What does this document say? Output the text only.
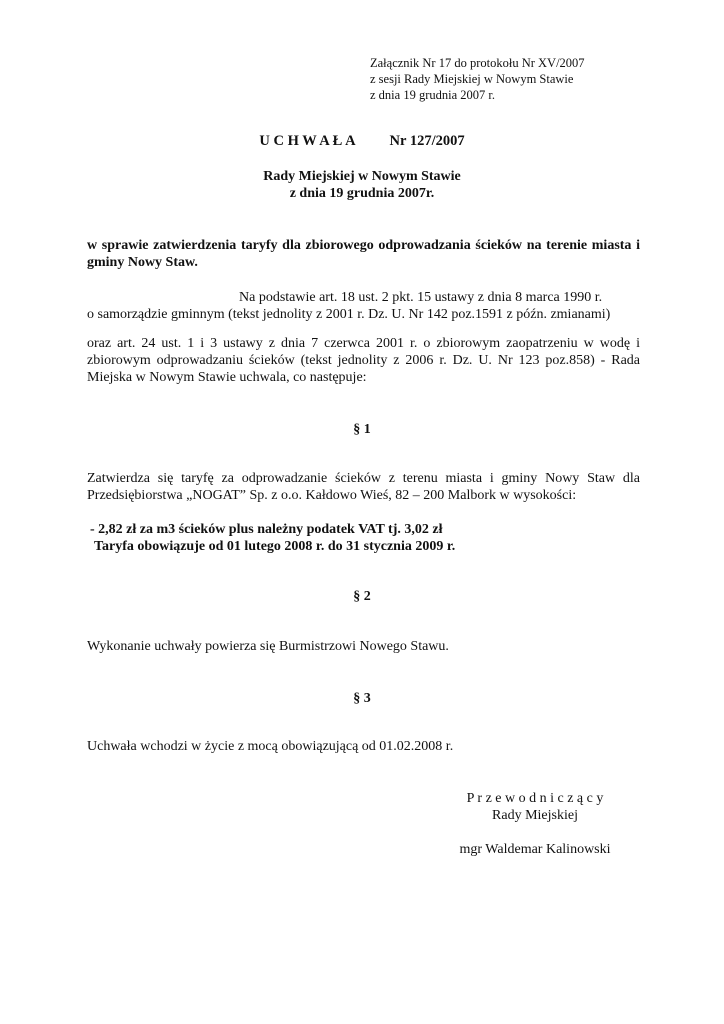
Załącznik Nr 17 do protokołu Nr XV/2007
z sesji Rady Miejskiej w Nowym Stawie
z dnia 19 grudnia 2007 r.
U C H W A Ł A Nr 127/2007
Rady Miejskiej w Nowym Stawie
z dnia 19 grudnia 2007r.
w sprawie zatwierdzenia taryfy dla zbiorowego odprowadzania ścieków na terenie miasta i gminy Nowy Staw.
Na podstawie art. 18 ust. 2 pkt. 15 ustawy z dnia 8 marca 1990 r.
o samorządzie gminnym (tekst jednolity z 2001 r. Dz. U. Nr 142 poz.1591 z późn. zmianami)
oraz art. 24 ust. 1 i 3 ustawy z dnia 7 czerwca 2001 r. o zbiorowym zaopatrzeniu w wodę i zbiorowym odprowadzaniu ścieków (tekst jednolity z 2006 r. Dz. U. Nr 123 poz.858) - Rada Miejska w Nowym Stawie uchwala, co następuje:
§ 1
Zatwierdza się taryfę za odprowadzanie ścieków z terenu miasta i gminy Nowy Staw dla Przedsiębiorstwa „NOGAT” Sp. z o.o. Kałdowo Wieś, 82 – 200 Malbork w wysokości:
- 2,82 zł za m3 ścieków plus należny podatek VAT tj. 3,02 zł
Taryfa obowiązuje od 01 lutego 2008 r. do 31 stycznia 2009 r.
§ 2
Wykonanie uchwały powierza się Burmistrzowi Nowego Stawu.
§ 3
Uchwała wchodzi w życie z mocą obowiązującą od 01.02.2008 r.
P r z e w o d n i c z ą c y
Rady Miejskiej
mgr Waldemar Kalinowski
